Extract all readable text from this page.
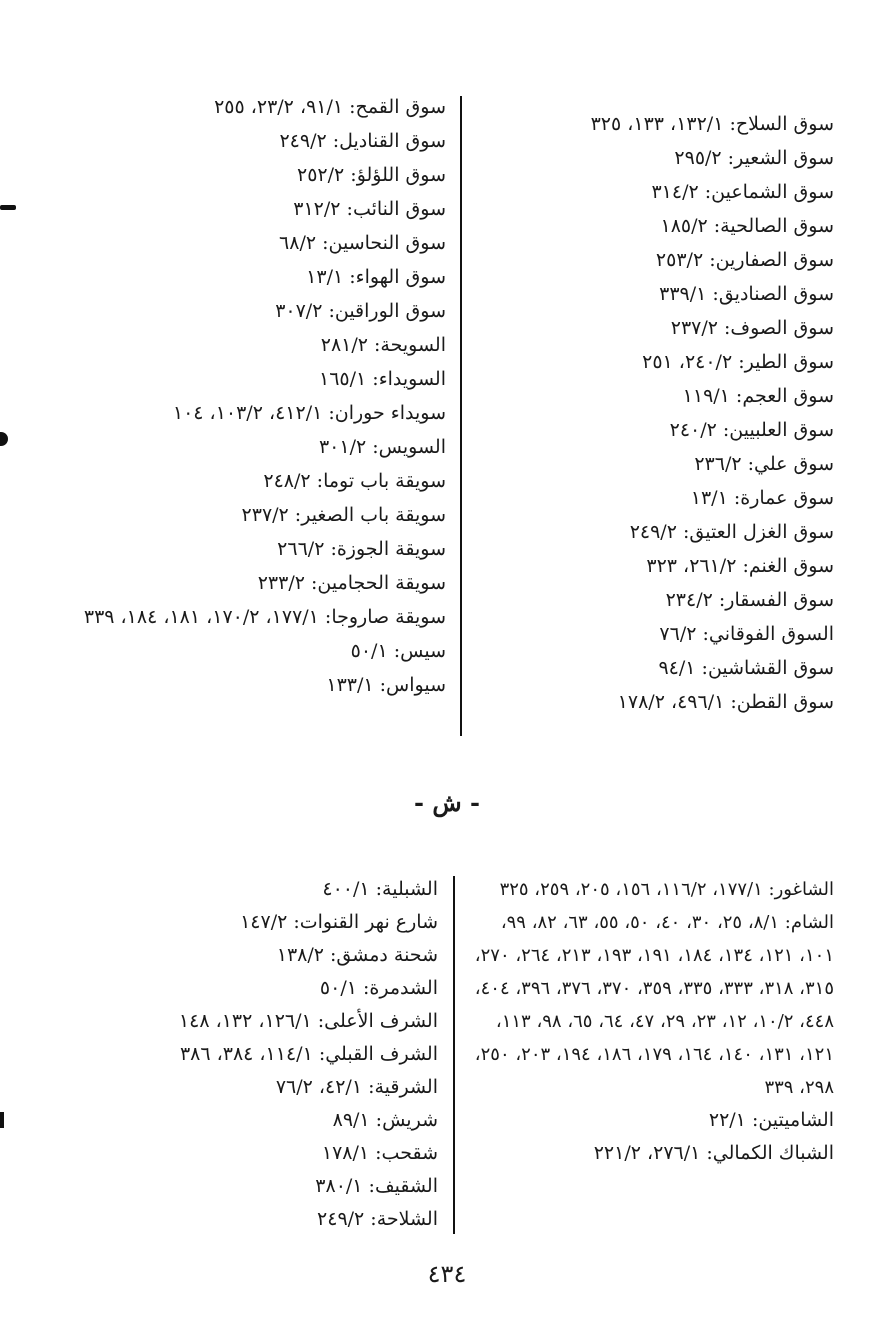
سوق السلاح: ١٣٢/١، ١٣٣، ٣٢٥
سوق الشعير: ٢٩٥/٢
سوق الشماعين: ٣١٤/٢
سوق الصالحية: ١٨٥/٢
سوق الصفارين: ٢٥٣/٢
سوق الصناديق: ٣٣٩/١
سوق الصوف: ٢٣٧/٢
سوق الطير: ٢٤٠/٢، ٢٥١
سوق العجم: ١١٩/١
سوق العلبيين: ٢٤٠/٢
سوق علي: ٢٣٦/٢
سوق عمارة: ١٣/١
سوق الغزل العتيق: ٢٤٩/٢
سوق الغنم: ٢٦١/٢، ٣٢٣
سوق الفسقار: ٢٣٤/٢
السوق الفوقاني: ٧٦/٢
سوق القشاشين: ٩٤/١
سوق القطن: ٤٩٦/١، ١٧٨/٢
سوق القمح: ٩١/١، ٢٣/٢، ٢٥٥
سوق القناديل: ٢٤٩/٢
سوق اللؤلؤ: ٢٥٢/٢
سوق النائب: ٣١٢/٢
سوق النحاسين: ٦٨/٢
سوق الهواء: ١٣/١
سوق الوراقين: ٣٠٧/٢
السويحة: ٢٨١/٢
السويداء: ١٦٥/١
سويداء حوران: ٤١٢/١، ١٠٣/٢، ١٠٤
السويس: ٣٠١/٢
سويقة باب توما: ٢٤٨/٢
سويقة باب الصغير: ٢٣٧/٢
سويقة الجوزة: ٢٦٦/٢
سويقة الحجامين: ٢٣٣/٢
سويقة صاروجا: ١٧٧/١، ١٧٠/٢، ١٨١، ١٨٤، ٣٣٩
سيس: ٥٠/١
سيواس: ١٣٣/١
- ش -
الشاغور: ١٧٧/١، ١١٦/٢، ١٥٦، ٢٠٥، ٢٥٩، ٣٢٥
الشام: ٨/١، ٢٥، ٣٠، ٤٠، ٥٠، ٥٥، ٦٣، ٨٢، ٩٩، ١٠١، ١٢١، ١٣٤، ١٨٤، ١٩١، ١٩٣، ٢١٣، ٢٦٤، ٢٧٠، ٣١٥، ٣١٨، ٣٣٣، ٣٣٥، ٣٥٩، ٣٧٠، ٣٧٦، ٣٩٦، ٤٠٤، ٤٤٨، ١٠/٢، ١٢، ٢٣، ٢٩، ٤٧، ٦٤، ٦٥، ٩٨، ١١٣، ١٢١، ١٣١، ١٤٠، ١٦٤، ١٧٩، ١٨٦، ١٩٤، ٢٠٣، ٢٥٠، ٢٩٨، ٣٣٩
الشاميتين: ٢٢/١
الشباك الكمالي: ٢٧٦/١، ٢٢١/٢
الشبلية: ٤٠٠/١
شارع نهر القنوات: ١٤٧/٢
شحنة دمشق: ١٣٨/٢
الشدمرة: ٥٠/١
الشرف الأعلى: ١٢٦/١، ١٣٢، ١٤٨
الشرف القبلي: ١١٤/١، ٣٨٤، ٣٨٦
الشرقية: ٤٢/١، ٧٦/٢
شريش: ٨٩/١
شقحب: ١٧٨/١
الشقيف: ٣٨٠/١
الشلاحة: ٢٤٩/٢
٤٣٤
